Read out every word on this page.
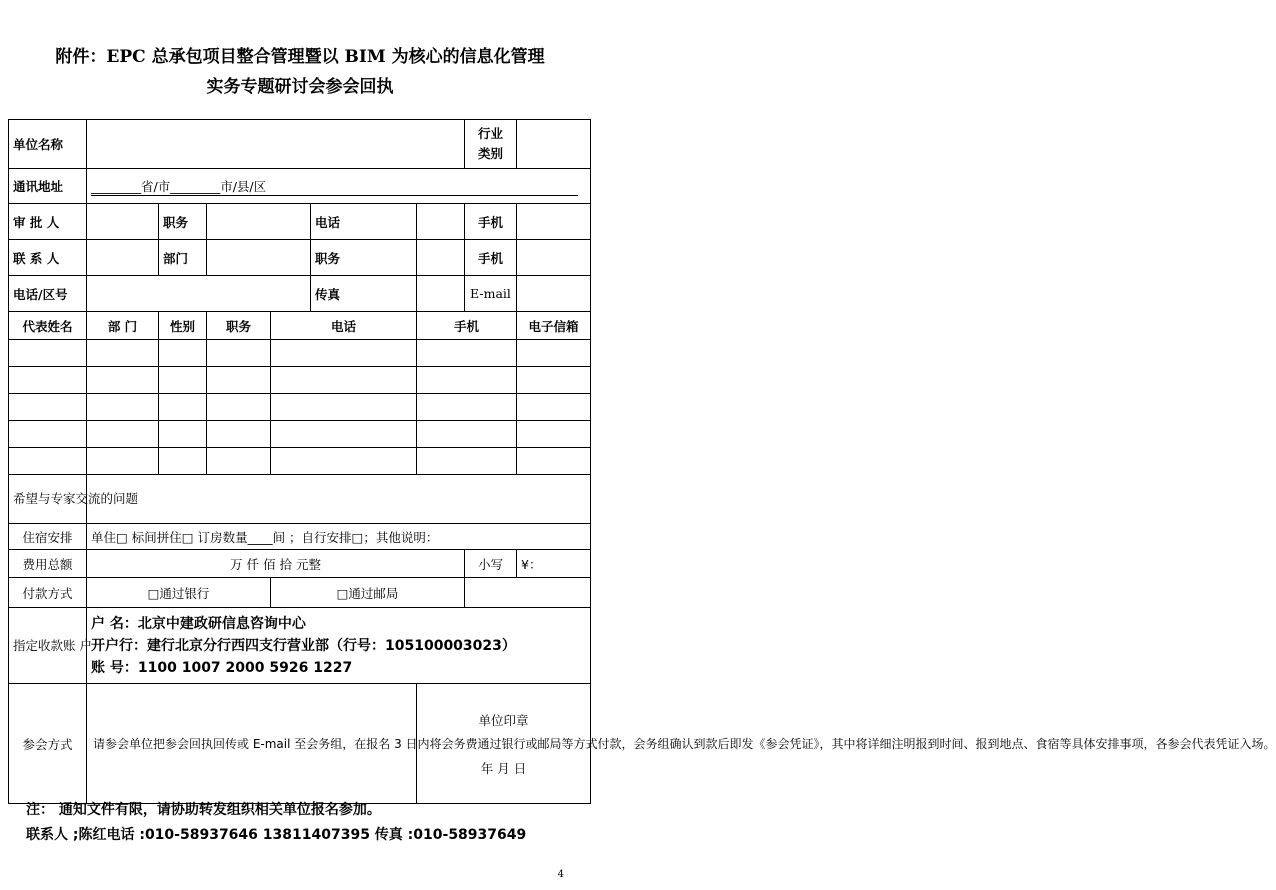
附件：EPC 总承包项目整合管理暨以 BIM 为核心的信息化管理
实务专题研讨会参会回执
单位名称							行业
类别	
通讯地址	________省/市________市/县/区							

审 批 人		职务			电话		手机	
联 系 人		部门			职务		手机	
电话/区号					传真		E-mail	
代表姓名	部 门	性别	职务	电话		手机		电子信箱

希望与专家交流的问题								
住宿安排	单住□ 标间拼住□ 订房数量____间 ；自行安排□；其他说明：							
费用总额	万 仟 佰 拾 元整						小写	¥：
付款方式	□通过银行			□通过邮局				
指定收款账 户	户 名：北京中建政研信息咨询中心
开户行：建行北京分行西四支行营业部（行号：105100003023）
账 号：1100 1007 2000 5926 1227							

参会方式	请参会单位把参会回执回传或 E-mail 至会务组，在报名 3 日内将会务费通过银行或邮局等方式付款，会务组确认到款后即发《参会凭证》，其中将详细注明报到时间、报到地点、食宿等具体安排事项，各参会代表凭证入场。					单位印章
年 月 日		
注： 通知文件有限，请协助转发组织相关单位报名参加。
联系人 ;陈红电话 :010-58937646 13811407395 传真 :010-58937649
4
